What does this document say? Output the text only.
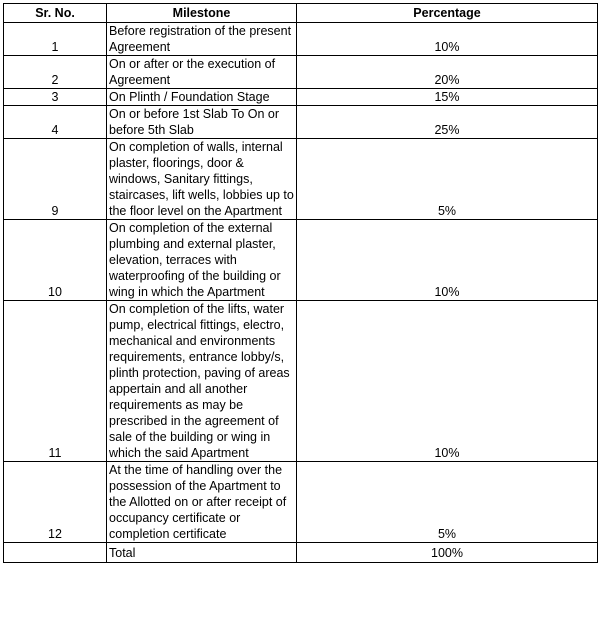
Sr. No.	Milestone	Percentage
1	Before registration of the present Agreement	10%
2	On or after or the execution of Agreement	20%
3	On Plinth / Foundation Stage	15%
4	On or before 1st Slab To On or before 5th Slab	25%
9	On completion of walls, internal plaster, floorings, door & windows, Sanitary fittings, staircases, lift wells, lobbies up to the floor level on the Apartment	5%
10	On completion of the external plumbing and external plaster, elevation, terraces with waterproofing of the building or wing in which the Apartment	10%
11	On completion of the lifts, water pump, electrical fittings, electro, mechanical and environments requirements, entrance lobby/s, plinth protection, paving of areas appertain and all another requirements as may be prescribed in the agreement of sale of the building or wing in which the said Apartment	10%
12	At the time of handling over the possession of the Apartment to the Allotted on or after receipt of occupancy certificate or completion certificate	5%
	Total	100%
